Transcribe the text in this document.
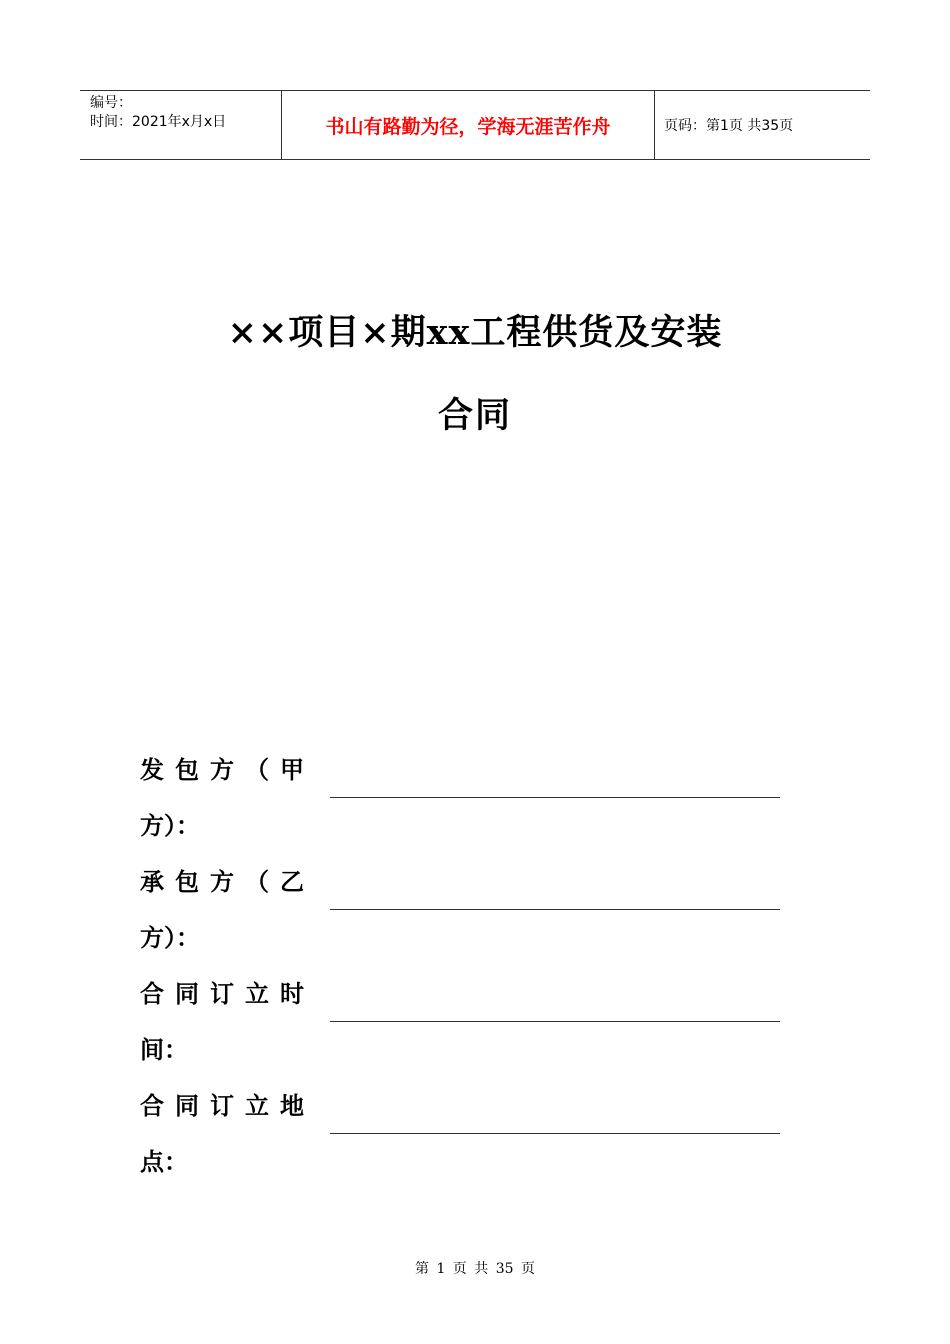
编号：
时间：2021年x月x日	书山有路勤为径，学海无涯苦作舟	页码：第1页 共35页
××项目×期xx工程供货及安装
合同
发包方（甲
方）：
承包方（乙
方）：
合同订立时
间：
合同订立地
点：
第 1 页 共 35 页
